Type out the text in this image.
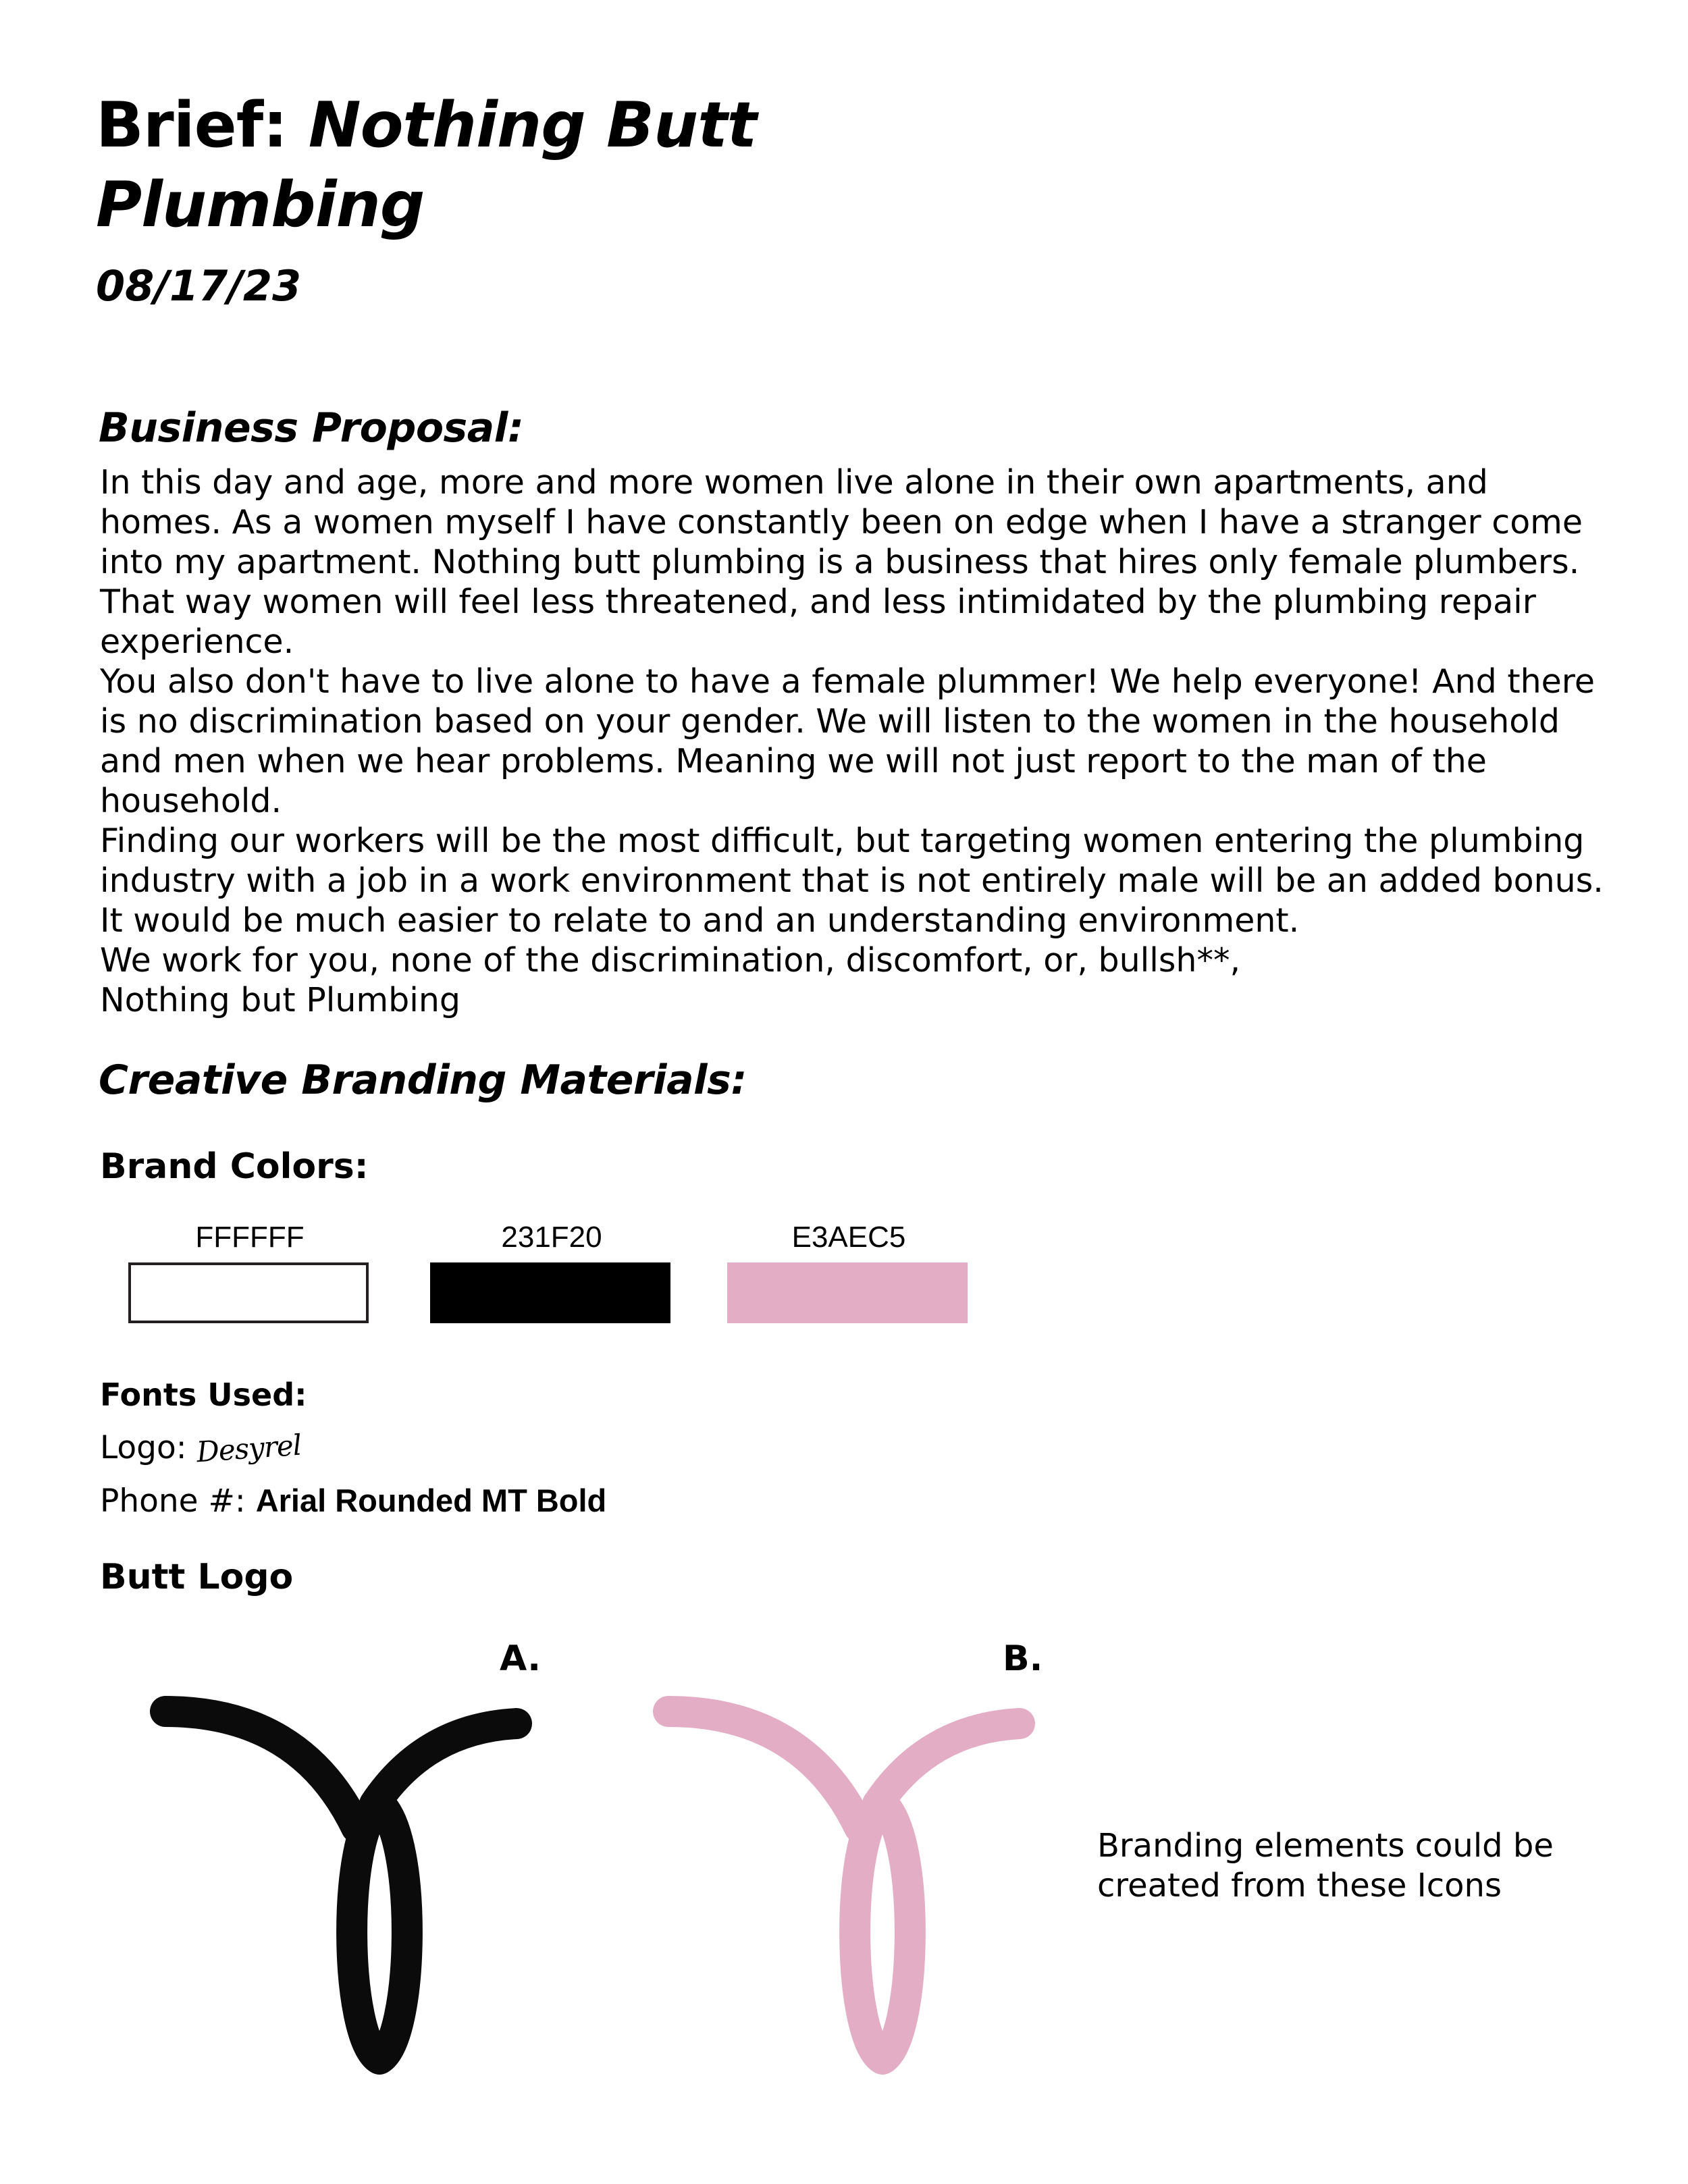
Brief: Nothing Butt
Plumbing
08/17/23
Business Proposal:

In this day and age, more and more women live alone in their own apartments, and homes. As a women myself I have constantly been on edge when I have a stranger come into my apartment. Nothing butt plumbing is a business that hires only female plumbers. That way women will feel less threatened, and less intimidated by the plumbing repair experience.

You also don't have to live alone to have a female plummer! We help everyone! And there is no discrimination based on your gender. We will listen to the women in the household and men when we hear problems. Meaning we will not just report to the man of the household.

Finding our workers will be the most difficult, but targeting women entering the plumbing industry with a job in a work environment that is not entirely male will be an added bonus. It would be much easier to relate to and an understanding environment.

We work for you, none of the discrimination, discomfort, or, bullsh**,

Nothing but Plumbing

Creative Branding Materials:
Brand Colors:
FFFFFF	231F20	E3AEC5
Fonts Used:
Logo: Desyrel
Phone #: Arial Rounded MT Bold
Butt Logo
A.	B.
Branding elements could be created from these Icons
